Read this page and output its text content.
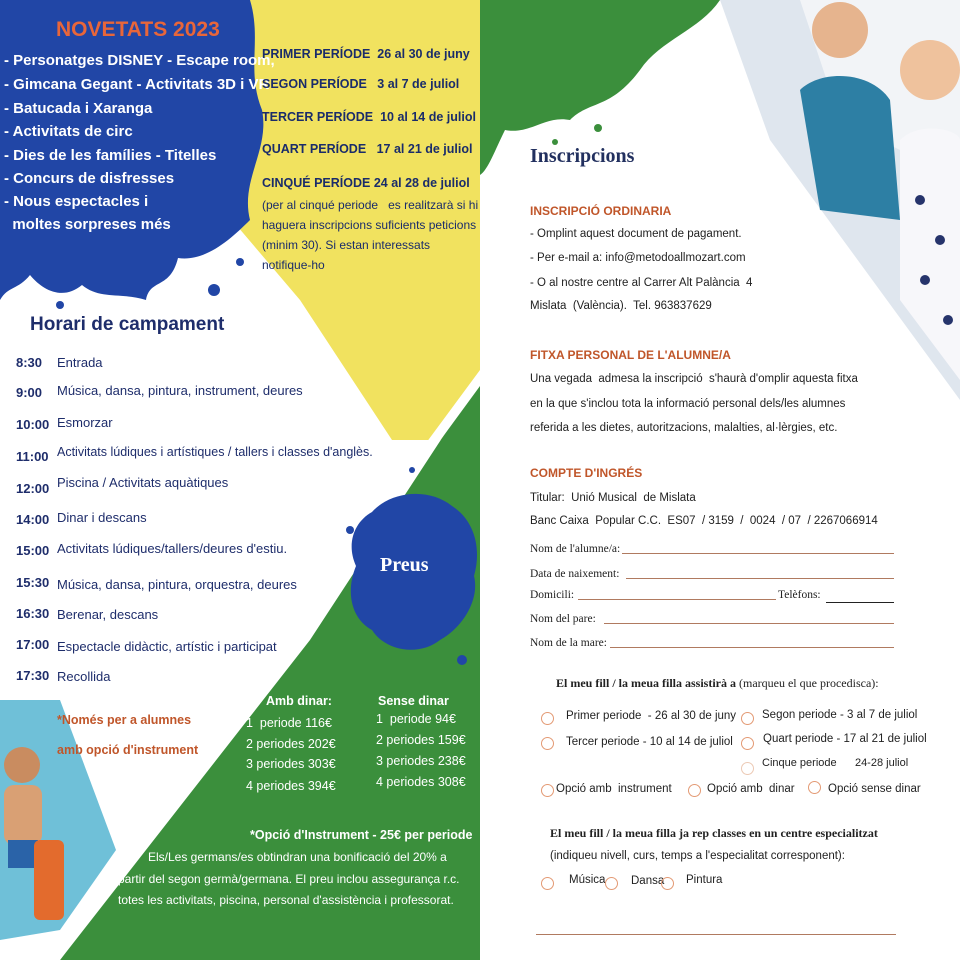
NOVETATS 2023
- Personatges DISNEY - Escape room,
- Gimcana Gegant - Activitats 3D i VR
- Batucada i Xaranga
- Activitats de circ
- Dies de les famílies - Titelles
- Concurs de disfresses
- Nous espectacles i
moltes sorpreses més
PRIMER PERÍODE  26 al 30 de juny
SEGON PERÍODE   3 al 7 de juliol
TERCER PERÍODE  10 al 14 de juliol
QUART PERÍODE   17 al 21 de juliol
CINQUÉ PERÍODE 24 al 28 de juliol
(per al cinqué periode   es realitzarà si hi
haguera inscripcions suficients peticions
(minim 30). Si estan interessats
notifique-ho
Horari de campament
8:30 Entrada
9:00 Música, dansa, pintura, instrument, deures
10:00 Esmorzar
11:00 Activitats lúdiques i artístiques / tallers i classes d'anglès.
12:00 Piscina / Activitats aquàtiques
14:00 Dinar i descans
15:00 Activitats lúdiques/tallers/deures d'estiu.
15:30 Música, dansa, pintura, orquestra, deures
16:30 Berenar, descans
17:00 Espectacle didàctic, artístic i participat
17:30 Recollida
*Només per a alumnes
amb opció d'instrument
Preus
Amb dinar:
1  periode 116€
2 periodes 202€
3 periodes 303€
4 periodes 394€
Sense dinar
1  periode 94€
2 periodes 159€
3 periodes 238€
4 periodes 308€
*Opció d'Instrument - 25€ per periode
Els/Les germans/es obtindran una bonificació del 20% a
partir del segon germà/germana. El preu inclou assegurança r.c.
totes les activitats, piscina, personal d'assistència i professorat.
Inscripcions
INSCRIPCIÓ ORDINARIA
- Omplint aquest document de pagament.
- Per e-mail a: info@metodoallmozart.com
- O al nostre centre al Carrer Alt Palància  4
Mislata  (València).  Tel. 963837629
FITXA PERSONAL DE L'ALUMNE/A
Una vegada  admesa la inscripció  s'haurà d'omplir aquesta fitxa
en la que s'inclou tota la informació personal dels/les alumnes
referida a les dietes, autoritzacions, malalties, al·lèrgies, etc.
COMPTE D'INGRÉS
Titular:  Unió Musical  de Mislata
Banc Caixa  Popular C.C.  ES07  / 3159  /  0024  / 07  / 2267066914
Nom de l'alumne/a:
Data de naixement:
Domicili:	Telèfons:
Nom del pare:
Nom de la mare:
El meu fill / la meua filla assistirà a (marqueu el que procedisca):
Primer periode  - 26 al 30 de juny Segon periode - 3 al 7 de juliol
Tercer periode - 10 al 14 de juliol	Quart periode - 17 al 21 de juliol
Cinque periode      24-28 juliol
Opció amb  instrument	Opció amb  dinar	Opció sense dinar
El meu fill / la meua filla ja rep classes en un centre especialitzat
(indiqueu nivell, curs, temps a l'especialitat corresponent):
Música Dansa Pintura
